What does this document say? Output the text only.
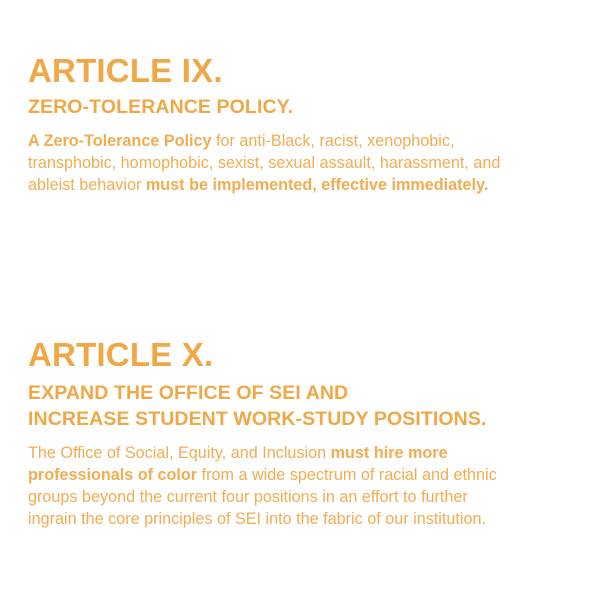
ARTICLE IX.
ZERO-TOLERANCE POLICY.

A Zero-Tolerance Policy for anti-Black, racist, xenophobic,
transphobic, homophobic, sexist, sexual assault, harassment, and
ableist behavior must be implemented, effective immediately.

ARTICLE X.
EXPAND THE OFFICE OF SEI AND
INCREASE STUDENT WORK-STUDY POSITIONS.

The Office of Social, Equity, and Inclusion must hire more
professionals of color from a wide spectrum of racial and ethnic
groups beyond the current four positions in an effort to further
ingrain the core principles of SEI into the fabric of our institution.
